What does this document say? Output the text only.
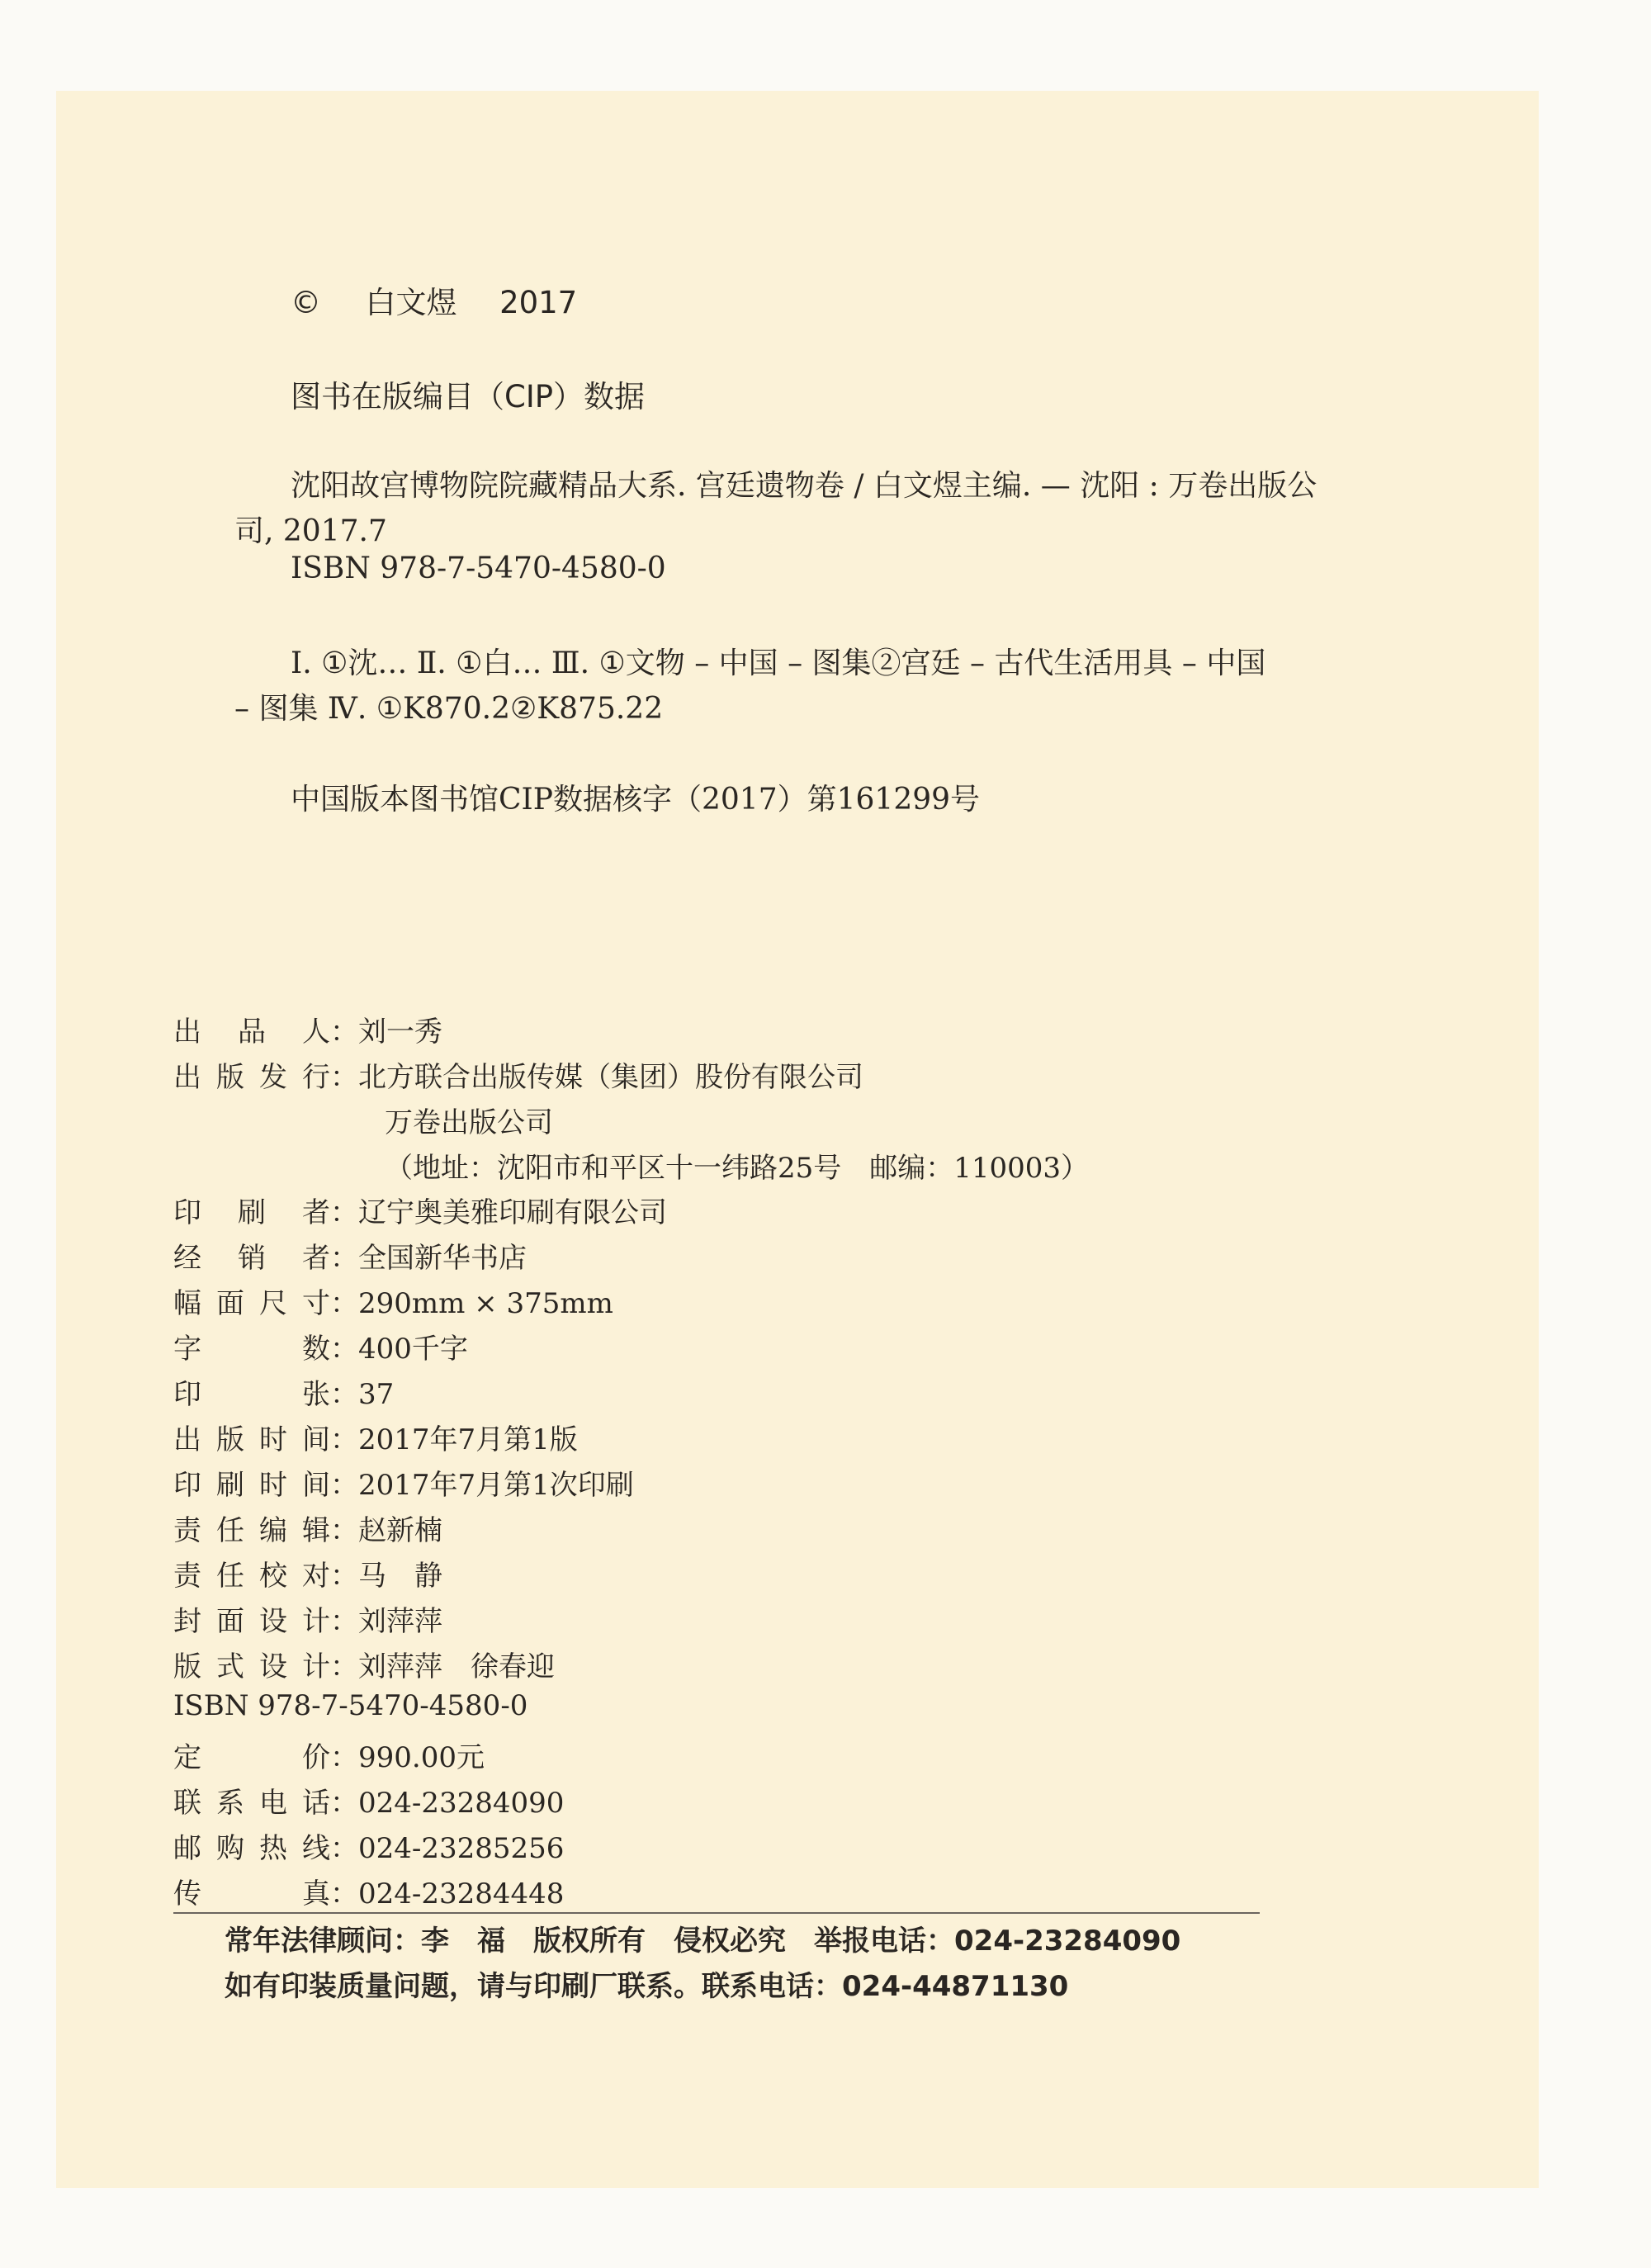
© 白文煜 2017
图书在版编目（CIP）数据
沈阳故宫博物院院藏精品大系. 宫廷遗物卷 / 白文煜主编. — 沈阳 : 万卷出版公
司, 2017.7
ISBN 978-7-5470-4580-0
Ⅰ. ①沈… Ⅱ. ①白… Ⅲ. ①文物 – 中国 – 图集②宫廷 – 古代生活用具 – 中国
– 图集 Ⅳ. ①K870.2②K875.22
中国版本图书馆CIP数据核字（2017）第161299号
出品人：刘一秀
出版发行：北方联合出版传媒（集团）股份有限公司
万卷出版公司
（地址：沈阳市和平区十一纬路25号　邮编：110003）
印刷者：辽宁奥美雅印刷有限公司
经销者：全国新华书店
幅面尺寸：290mm × 375mm
字数：400千字
印张：37
出版时间：2017年7月第1版
印刷时间：2017年7月第1次印刷
责任编辑：赵新楠
责任校对：马　静
封面设计：刘萍萍
版式设计：刘萍萍　徐春迎
ISBN 978-7-5470-4580-0
定价：990.00元
联系电话：024-23284090
邮购热线：024-23285256
传真：024-23284448
常年法律顾问：李　福　版权所有　侵权必究　举报电话：024-23284090
如有印装质量问题，请与印刷厂联系。联系电话：024-44871130
